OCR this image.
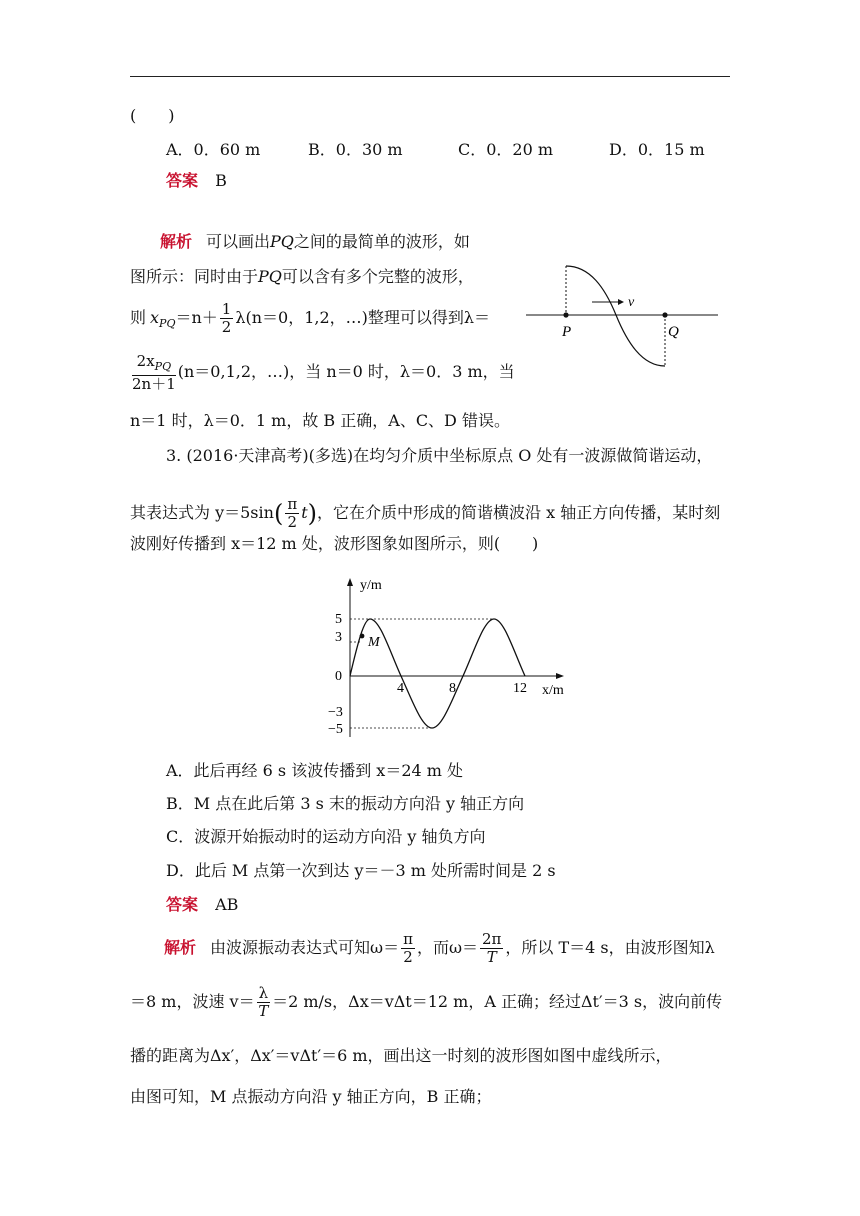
(　　)
A．0．60 m	B．0．30 m	C．0．20 m	D．0．15 m
答案 B
解析 可以画出PQ之间的最简单的波形，如
图所示：同时由于PQ可以含有多个完整的波形，
则 $x_{PQ}=n+ \frac{1}{2} \lambda(n=0$，1,2，…)整理可以得到λ＝
$\frac{2x_{PQ}}{2n+1} (n=0,1,2$，…)，当 n＝0 时，λ＝0．3 m，当
n＝1 时，λ＝0．1 m，故 B 正确，A、C、D 错误。
v
P	Q
3. (2016·天津高考)(多选)在均匀介质中坐标原点 O 处有一波源做简谐运动，
其表达式为 $y=5\sin( \frac{\pi}{2} t)$，它在介质中形成的简谐横波沿 x 轴正方向传播，某时刻
波刚好传播到 x＝12 m 处，波形图象如图所示，则(　　)
y/m
x/m
M
5
3
0
−3
−5
4	8	12
A．此后再经 6 s 该波传播到 x＝24 m 处
B．M 点在此后第 3 s 末的振动方向沿 y 轴正方向
C．波源开始振动时的运动方向沿 y 轴负方向
D．此后 M 点第一次到达 y＝－3 m 处所需时间是 2 s
答案 AB
解析 由波源振动表达式可知$\omega= \frac{\pi}{2}$ ，而$\omega= \frac{2\pi}{T}$ ，所以 T＝4 s，由波形图知λ
＝8 m，波速 $v= \frac{\lambda}{T} =2$ m/s，Δx＝vΔt＝12 m，A 正确；经过Δt′＝3 s，波向前传
播的距离为Δx′，Δx′＝vΔt′＝6 m，画出这一时刻的波形图如图中虚线所示，
由图可知，M 点振动方向沿 y 轴正方向，B 正确；
